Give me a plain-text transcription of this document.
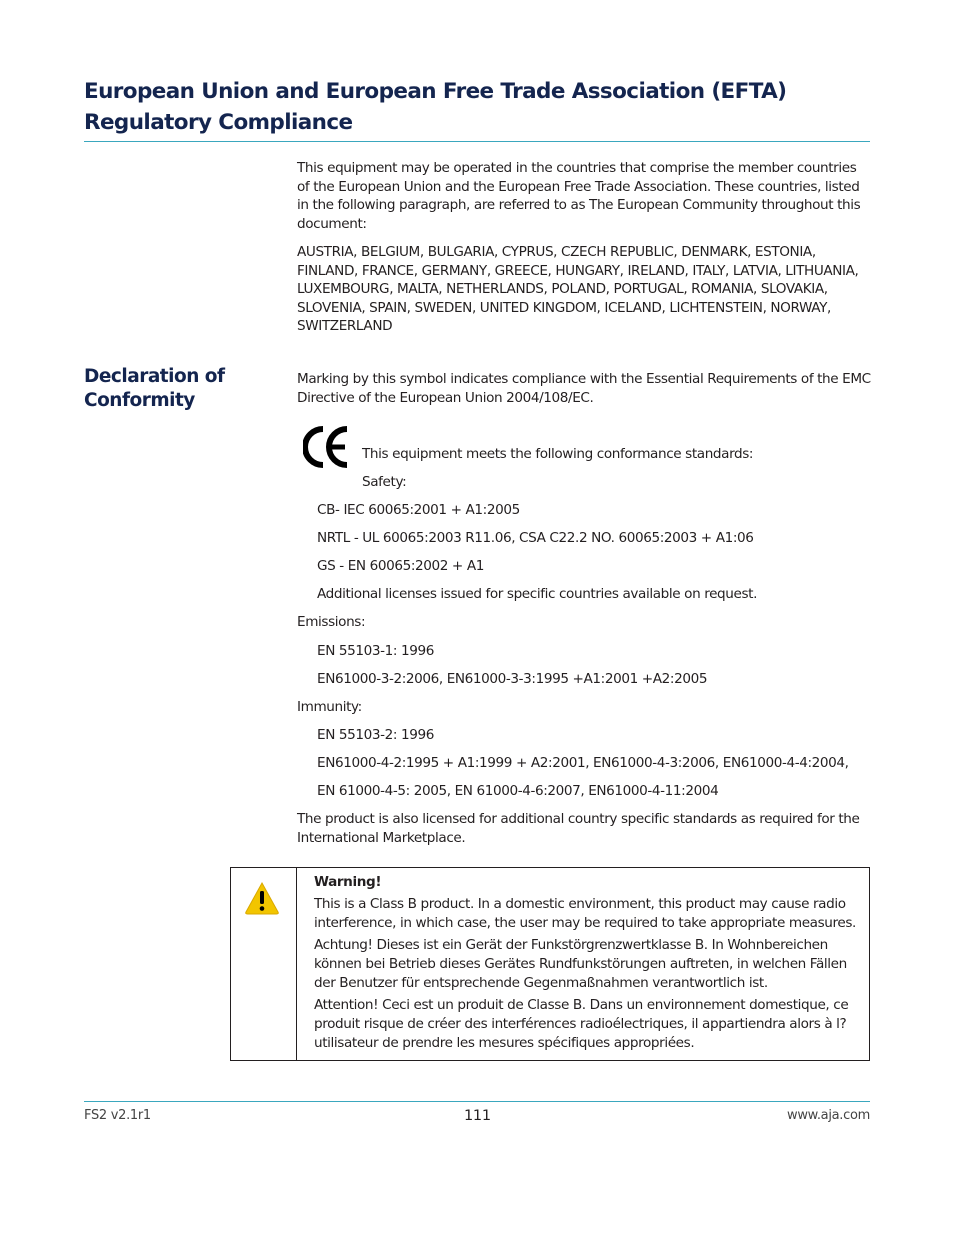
European Union and European Free Trade Association (EFTA)
Regulatory Compliance

This equipment may be operated in the countries that comprise the member countries of the European Union and the European Free Trade Association. These countries, listed in the following paragraph, are referred to as The European Community throughout this document:

AUSTRIA, BELGIUM, BULGARIA, CYPRUS, CZECH REPUBLIC, DENMARK, ESTONIA, FINLAND, FRANCE, GERMANY, GREECE, HUNGARY, IRELAND, ITALY, LATVIA, LITHUANIA, LUXEMBOURG, MALTA, NETHERLANDS, POLAND, PORTUGAL, ROMANIA, SLOVAKIA, SLOVENIA, SPAIN, SWEDEN, UNITED KINGDOM, ICELAND, LICHTENSTEIN, NORWAY, SWITZERLAND

Declaration of
Conformity

Marking by this symbol indicates compliance with the Essential Requirements of the EMC Directive of the European Union 2004/108/EC.

This equipment meets the following conformance standards:

Safety:

CB- IEC 60065:2001 + A1:2005

NRTL - UL 60065:2003 R11.06, CSA C22.2 NO. 60065:2003 + A1:06

GS - EN 60065:2002 + A1

Additional licenses issued for specific countries available on request.

Emissions:

EN 55103-1: 1996

EN61000-3-2:2006, EN61000-3-3:1995 +A1:2001 +A2:2005

Immunity:

EN 55103-2: 1996

EN61000-4-2:1995 + A1:1999 + A2:2001, EN61000-4-3:2006, EN61000-4-4:2004,

EN 61000-4-5: 2005, EN 61000-4-6:2007, EN61000-4-11:2004

The product is also licensed for additional country specific standards as required for the International Marketplace.

Warning!

This is a Class B product. In a domestic environment, this product may cause radio interference, in which case, the user may be required to take appropriate measures.

Achtung! Dieses ist ein Gerät der Funkstörgrenzwertklasse B. In Wohnbereichen können bei Betrieb dieses Gerätes Rundfunkstörungen auftreten, in welchen Fällen der Benutzer für entsprechende Gegenmaßnahmen verantwortlich ist.

Attention! Ceci est un produit de Classe B. Dans un environnement domestique, ce produit risque de créer des interférences radioélectriques, il appartiendra alors à l?utilisateur de prendre les mesures spécifiques appropriées.

FS2 v2.1r1	111	www.aja.com
